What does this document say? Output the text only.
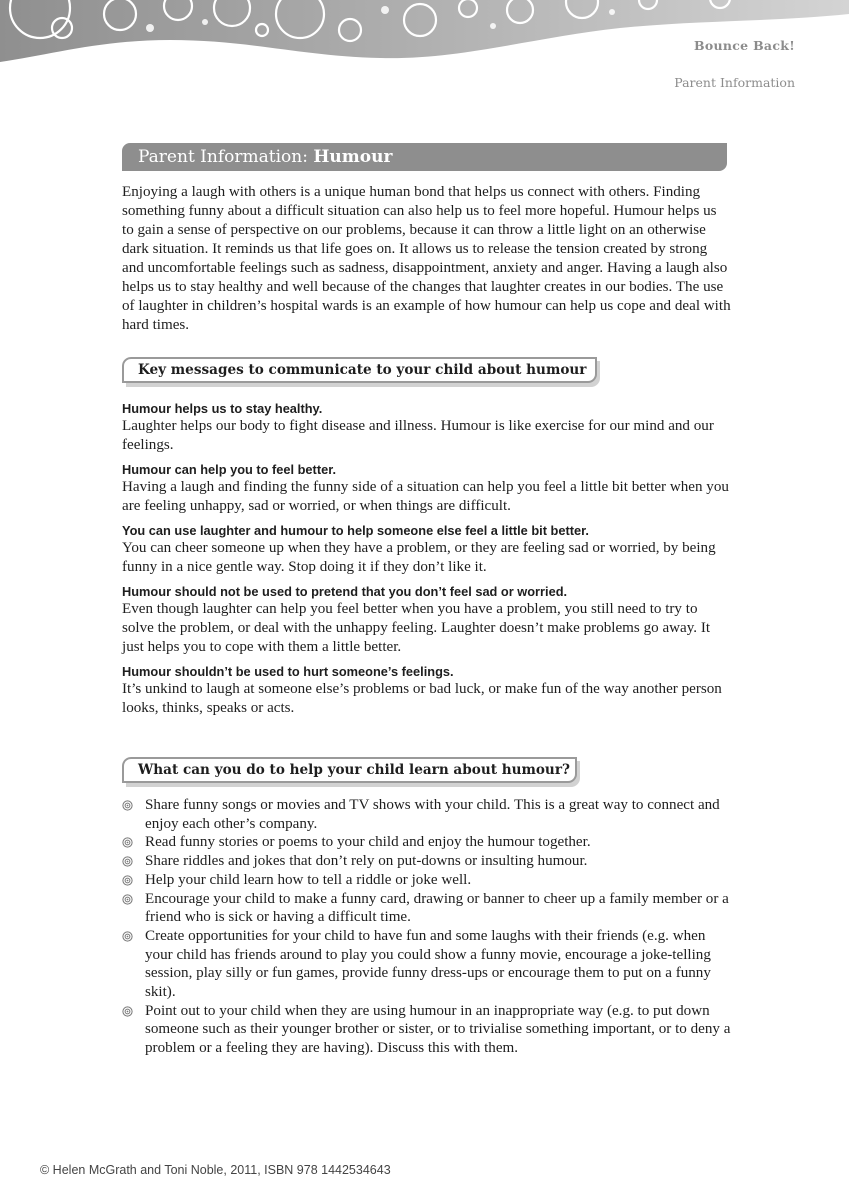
Bounce Back!
Parent Information
Parent Information: Humour

Enjoying a laugh with others is a unique human bond that helps us connect with others. Finding something funny about a difficult situation can also help us to feel more hopeful. Humour helps us to gain a sense of perspective on our problems, because it can throw a little light on an otherwise dark situation. It reminds us that life goes on. It allows us to release the tension created by strong and uncomfortable feelings such as sadness, disappointment, anxiety and anger. Having a laugh also helps us to stay healthy and well because of the changes that laughter creates in our bodies. The use of laughter in children’s hospital wards is an example of how humour can help us cope and deal with hard times.

Key messages to communicate to your child about humour
Humour helps us to stay healthy.

Laughter helps our body to fight disease and illness. Humour is like exercise for our mind and our feelings.

Humour can help you to feel better.

Having a laugh and finding the funny side of a situation can help you feel a little bit better when you are feeling unhappy, sad or worried, or when things are difficult.

You can use laughter and humour to help someone else feel a little bit better.

You can cheer someone up when they have a problem, or they are feeling sad or worried, by being funny in a nice gentle way. Stop doing it if they don’t like it.

Humour should not be used to pretend that you don’t feel sad or worried.

Even though laughter can help you feel better when you have a problem, you still need to try to solve the problem, or deal with the unhappy feeling. Laughter doesn’t make problems go away. It just helps you to cope with them a little better.

Humour shouldn’t be used to hurt someone’s feelings.

It’s unkind to laugh at someone else’s problems or bad luck, or make fun of the way another person looks, thinks, speaks or acts.

What can you do to help your child learn about humour?
Share funny songs or movies and TV shows with your child. This is a great way to connect and enjoy each other’s company.
Read funny stories or poems to your child and enjoy the humour together.
Share riddles and jokes that don’t rely on put-downs or insulting humour.
Help your child learn how to tell a riddle or joke well.
Encourage your child to make a funny card, drawing or banner to cheer up a family member or a friend who is sick or having a difficult time.
Create opportunities for your child to have fun and some laughs with their friends (e.g. when your child has friends around to play you could show a funny movie, encourage a joke-telling session, play silly or fun games, provide funny dress-ups or encourage them to put on a funny skit).
Point out to your child when they are using humour in an inappropriate way (e.g. to put down someone such as their younger brother or sister, or to trivialise something important, or to deny a problem or a feeling they are having). Discuss this with them.
© Helen McGrath and Toni Noble, 2011, ISBN 978 1442534643
